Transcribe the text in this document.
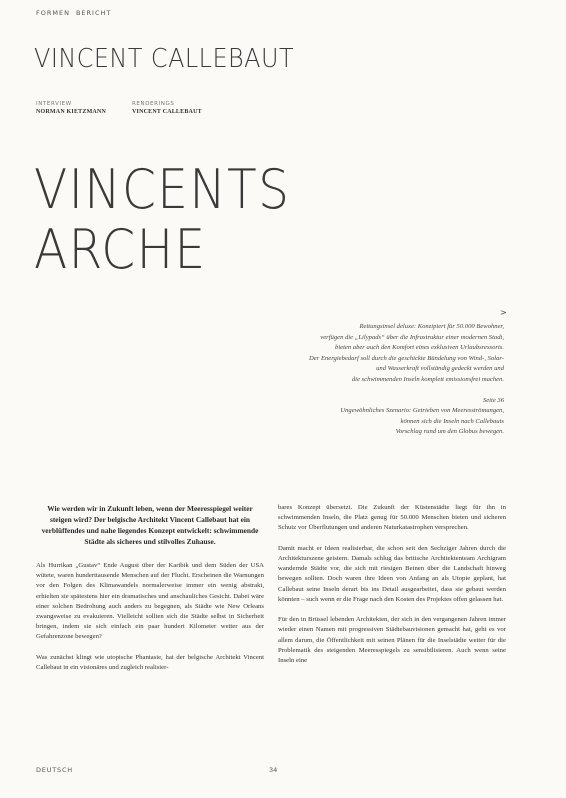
FORMEN BERICHT
VINCENT CALLEBAUT
INTERVIEW
NORMAN KIETZMANN
RENDERINGS
VINCENT CALLEBAUT
VINCENTS
ARCHE
>

Rettungsinsel deluxe: Konzipiert für 50.000 Bewohner,
verfügen die „Lilypads“ über die Infrastruktur einer modernen Stadt,
bieten aber auch den Komfort eines exklusiven Urlaubsressorts.
Der Energiebedarf soll durch die geschickte Bündelung von Wind-, Solar-
und Wasserkraft vollständig gedeckt werden und
die schwimmenden Inseln komplett emissionsfrei machen.

Seite 36
Ungewöhnliches Szenario: Getrieben von Meeresströmungen,
können sich die Inseln nach Callebauts
Vorschlag rund um den Globus bewegen.

Wie werden wir in Zukunft leben, wenn der Meeresspiegel weiter steigen wird? Der belgische Architekt Vincent Callebaut hat ein verblüffendes und nahe liegendes Konzept entwickelt: schwimmende Städte als sicheres und stilvolles Zuhause.

Als Hurrikan „Gustav“ Ende August über der Karibik und dem Süden der USA wütete, waren hunderttausende Menschen auf der Flucht. Erscheinen die Warnungen vor den Folgen des Klimawandels normalerweise immer ein wenig abstrakt, erhielten sie spätestens hier ein dramatisches und anschauliches Gesicht. Dabei wäre einer solchen Bedrohung auch anders zu begegnen, als Städte wie New Orleans zwangsweise zu evakuieren. Vielleicht sollten sich die Städte selbst in Sicherheit bringen, indem sie sich einfach ein paar hundert Kilometer weiter aus der Gefahrenzone bewegen?

Was zunächst klingt wie utopische Phantasie, hat der belgische Architekt Vincent Callebaut in ein visionäres und zugleich realisier-

bares Konzept übersetzt. Die Zukunft der Küstenstädte liegt für ihn in schwimmenden Inseln, die Platz genug für 50.000 Menschen bieten und sicheren Schutz vor Überflutungen und anderen Naturkatastrophen versprechen.

Damit macht er Ideen realisierbar, die schon seit den Sechziger Jahren durch die Architekturszene geistern. Damals schlug das britische Architektenteam Archigram wandernde Städte vor, die sich mit riesigen Beinen über die Landschaft hinweg bewegen sollten. Doch waren ihre Ideen von Anfang an als Utopie geplant, hat Callebaut seine Inseln derart bis ins Detail ausgearbeitet, dass sie gebaut werden könnten – such wenn er die Frage nach den Kosten des Projektes offen gelassen hat.

Für den in Brüssel lebenden Architekten, der sich in den vergangenen Jahren immer wieder einen Namen mit progressiven Städtebauvisionen gemacht hat, geht es vor allem darum, die Öffentlichkeit mit seinen Plänen für die Inselstädte weiter für die Problematik des steigenden Meeresspiegels zu sensibilisieren. Auch wenn seine Inseln eine

DEUTSCH	34
